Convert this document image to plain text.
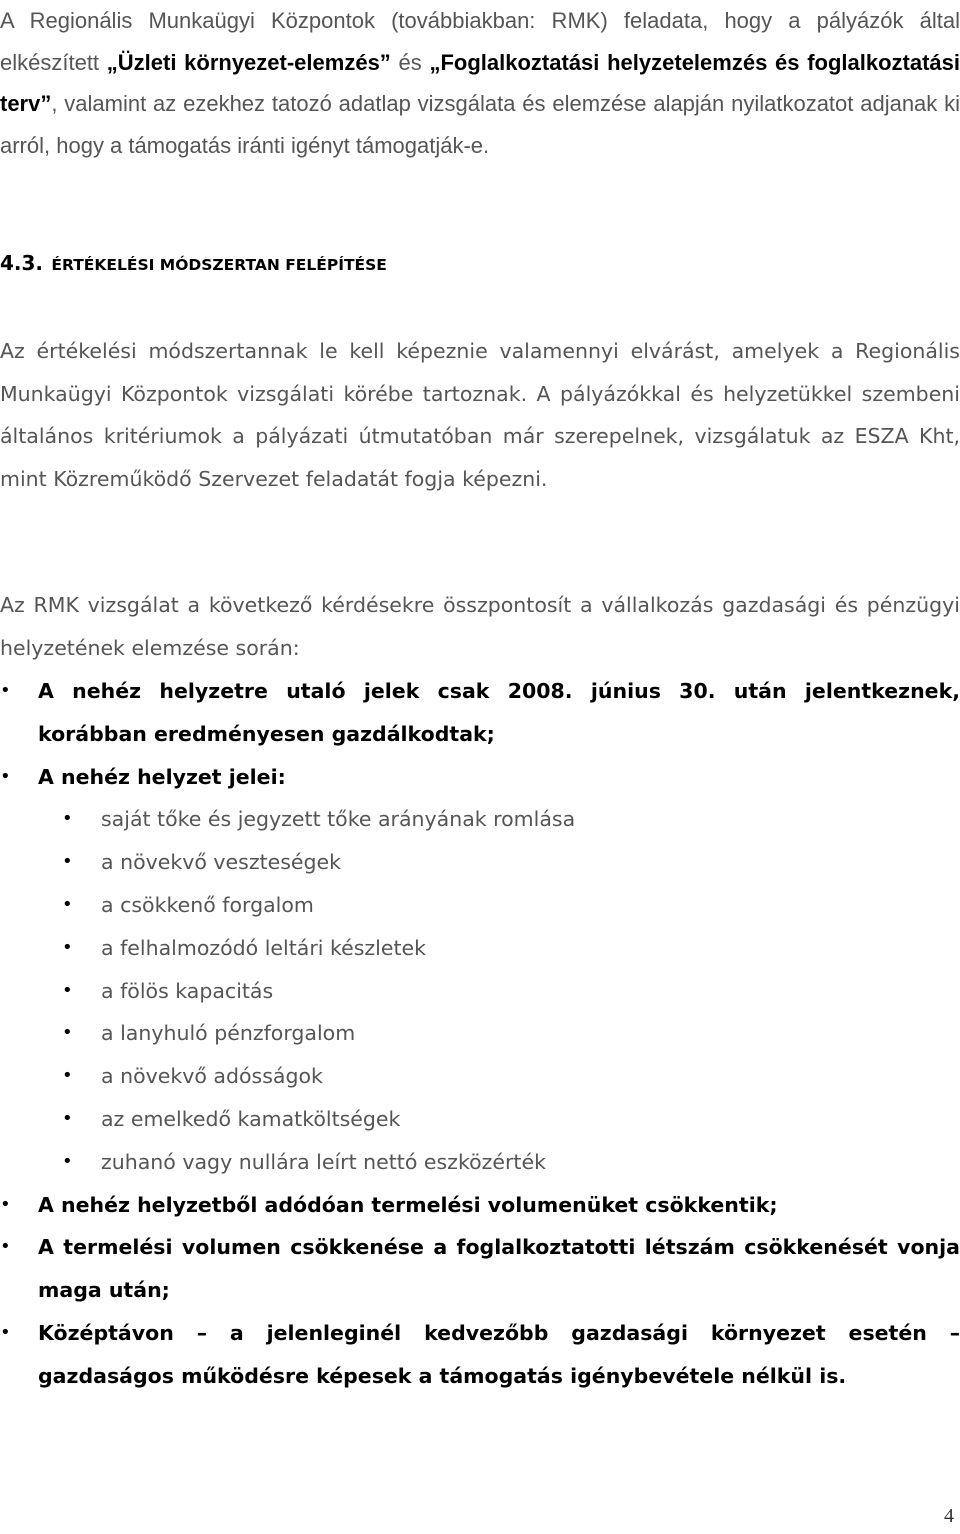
A Regionális Munkaügyi Központok (továbbiakban: RMK) feladata, hogy a pályázók által elkészített „Üzleti környezet-elemzés” és „Foglalkoztatási helyzetelemzés és foglalkoztatási terv”, valamint az ezekhez tatozó adatlap vizsgálata és elemzése alapján nyilatkozatot adjanak ki arról, hogy a támogatás iránti igényt támogatják-e.

4.3. ÉRTÉKELÉSI MÓDSZERTAN FELÉPÍTÉSE

Az értékelési módszertannak le kell képeznie valamennyi elvárást, amelyek a Regionális Munkaügyi Központok vizsgálati körébe tartoznak. A pályázókkal és helyzetükkel szembeni általános kritériumok a pályázati útmutatóban már szerepelnek, vizsgálatuk az ESZA Kht, mint Közreműködő Szervezet feladatát fogja képezni.

Az RMK vizsgálat a következő kérdésekre összpontosít a vállalkozás gazdasági és pénzügyi helyzetének elemzése során:

• A nehéz helyzetre utaló jelek csak 2008. június 30. után jelentkeznek, korábban eredményesen gazdálkodtak;
• A nehéz helyzet jelei:
• saját tőke és jegyzett tőke arányának romlása
• a növekvő veszteségek
• a csökkenő forgalom
• a felhalmozódó leltári készletek
• a fölös kapacitás
• a lanyhuló pénzforgalom
• a növekvő adósságok
• az emelkedő kamatköltségek
• zuhanó vagy nullára leírt nettó eszközérték
• A nehéz helyzetből adódóan termelési volumenüket csökkentik;
• A termelési volumen csökkenése a foglalkoztatotti létszám csökkenését vonja maga után;
• Középtávon – a jelenleginél kedvezőbb gazdasági környezet esetén – gazdaságos működésre képesek a támogatás igénybevétele nélkül is.

4
